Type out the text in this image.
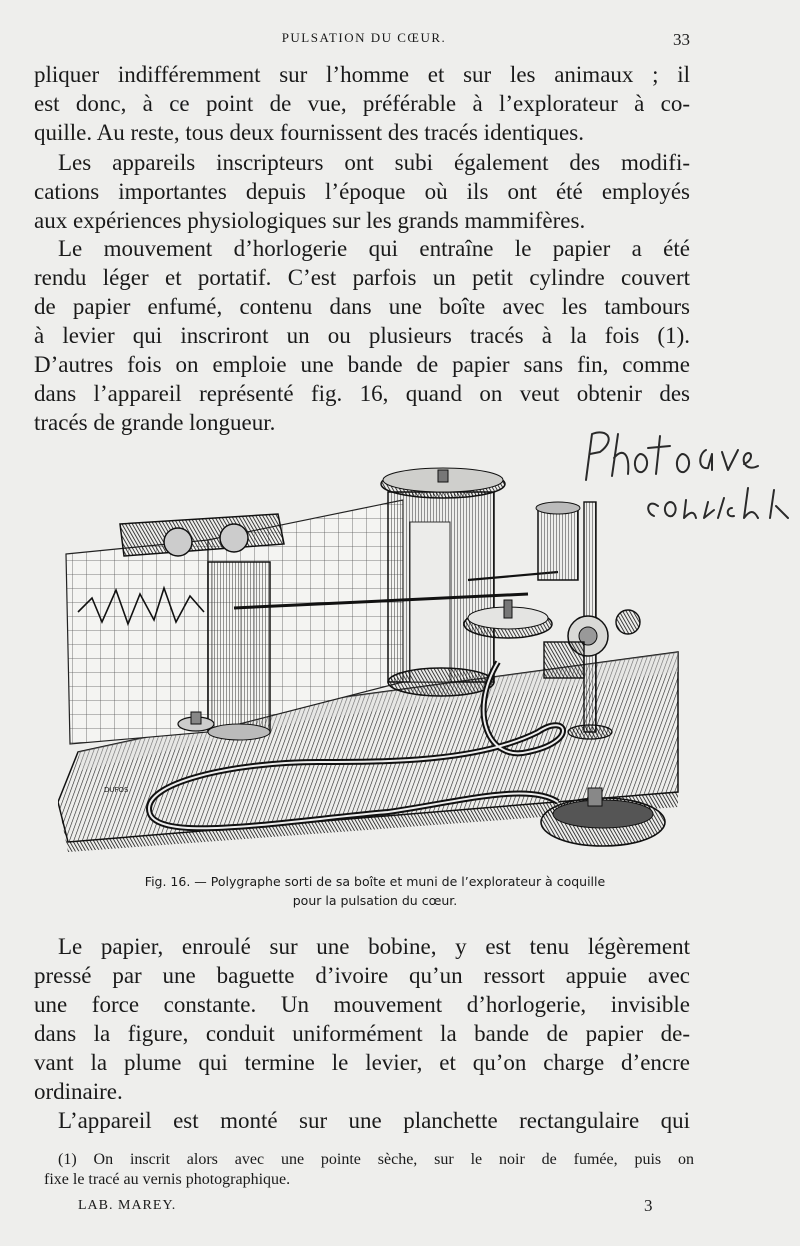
PULSATION DU CŒUR.	33

pliquer indifféremment sur l’homme et sur les animaux ; il
est donc, à ce point de vue, préférable à l’explorateur à co-
quille. Au reste, tous deux fournissent des tracés identiques.

Les appareils inscripteurs ont subi également des modifi-
cations importantes depuis l’époque où ils ont été employés
aux expériences physiologiques sur les grands mammifères.

Le mouvement d’horlogerie qui entraîne le papier a été
rendu léger et portatif. C’est parfois un petit cylindre couvert
de papier enfumé, contenu dans une boîte avec les tambours
à levier qui inscriront un ou plusieurs tracés à la fois (1).
D’autres fois on emploie une bande de papier sans fin, comme
dans l’appareil représenté fig. 16, quand on veut obtenir des
tracés de grande longueur.

DUFOS
Fig. 16. — Polygraphe sorti de sa boîte et muni de l’explorateur à coquille
pour la pulsation du cœur.

Le papier, enroulé sur une bobine, y est tenu légèrement
pressé par une baguette d’ivoire qu’un ressort appuie avec
une force constante. Un mouvement d’horlogerie, invisible
dans la figure, conduit uniformément la bande de papier de-
vant la plume qui termine le levier, et qu’on charge d’encre
ordinaire.

L’appareil est monté sur une planchette rectangulaire qui

(1) On inscrit alors avec une pointe sèche, sur le noir de fumée, puis on
fixe le tracé au vernis photographique.

LAB. MAREY.	3
